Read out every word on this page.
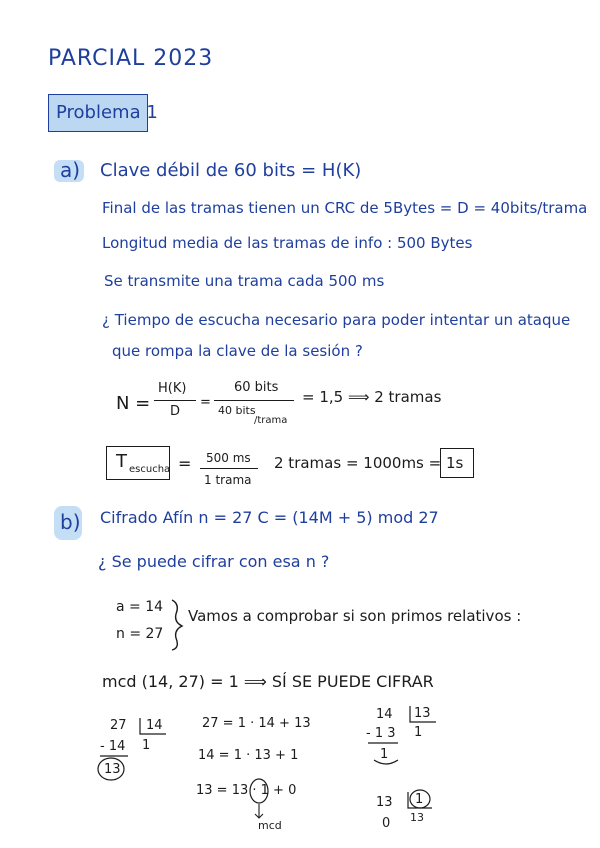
PARCIAL 2023
Problema 1
a) Clave débil de 60 bits = H(K)
Final de las tramas tienen un CRC de 5Bytes = D = 40bits/trama
Longitud media de las tramas de info : 500 Bytes
Se transmite una trama cada 500 ms
¿ Tiempo de escucha necesario para poder intentar un ataque
que rompa la clave de la sesión ?
N =
H(K)
D
=
60 bits
40 bits
/trama
= 1,5 ⟹ 2 tramas
T escucha = 500 ms
1 trama
2 tramas = 1000ms = 1s
b) Cifrado Afín n = 27 C = (14M + 5) mod 27
¿ Se puede cifrar con esa n ?
a = 14
n = 27
Vamos a comprobar si son primos relativos :
mcd (14, 27) = 1 ⟹ SÍ SE PUEDE CIFRAR
27 14
- 14 1
13
27 = 1 · 14 + 13
14 = 1 · 13 + 1
13 = 13 · 1 + 0
mcd
14 13
- 1 3 1
1
13 1
0 13
